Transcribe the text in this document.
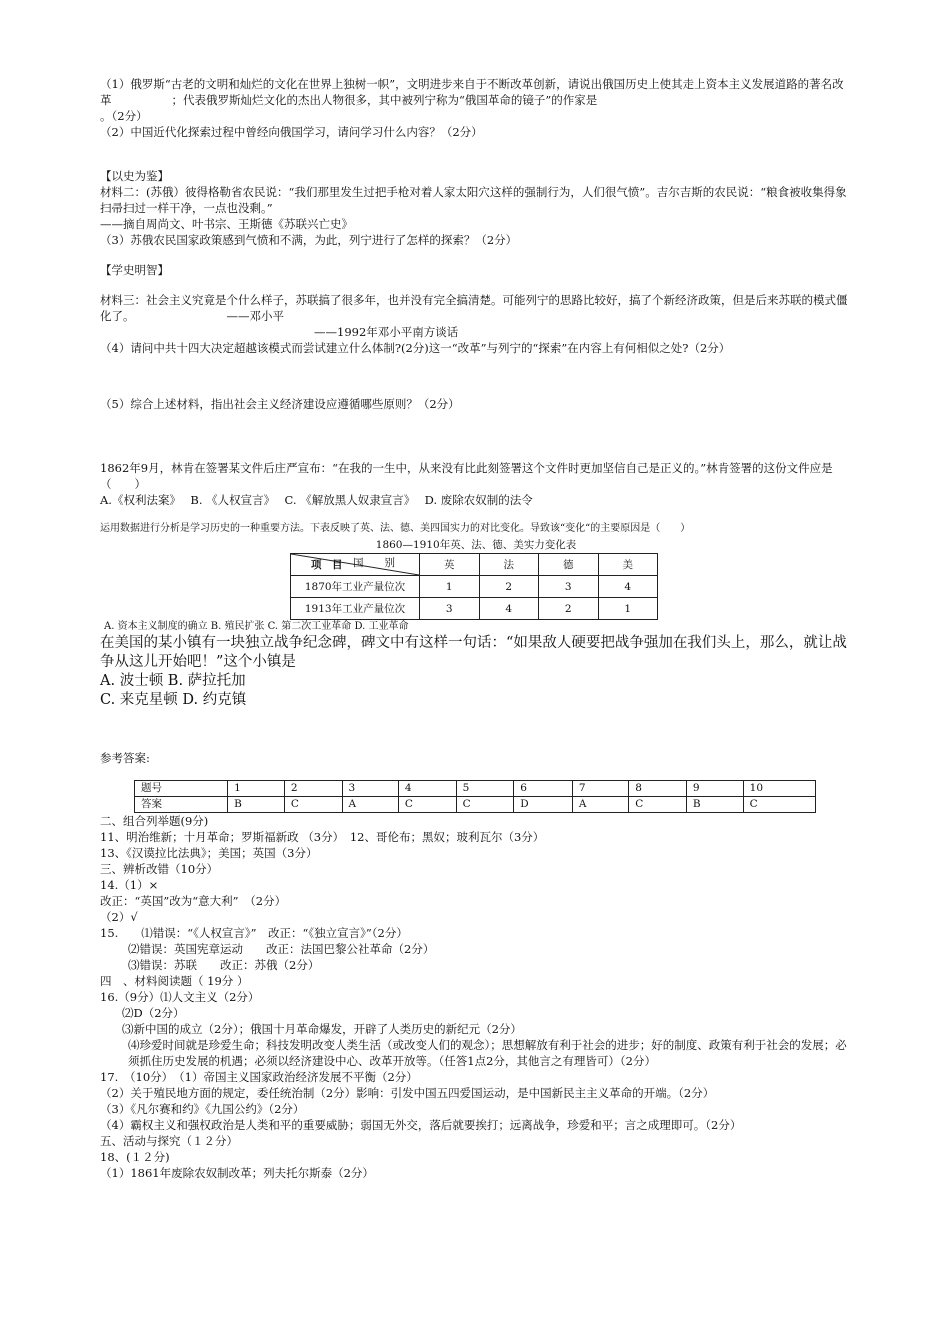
（1）俄罗斯“古老的文明和灿烂的文化在世界上独树一帜”，文明进步来自于不断改革创新，请说出俄国历史上使其走上资本主义发展道路的著名改革	；代表俄罗斯灿烂文化的杰出人物很多，其中被列宁称为“俄国革命的镜子”的作家是

。（2分）

（2）中国近代化探索过程中曾经向俄国学习，请问学习什么内容？（2分）

【以史为鉴】

材料二：(苏俄）彼得格勒省农民说：“我们那里发生过把手枪对着人家太阳穴这样的强制行为，人们很气愤”。吉尔吉斯的农民说：“粮食被收集得象扫帚扫过一样干净，一点也没剩。”

——摘自周尚文、叶书宗、王斯德《苏联兴亡史》

（3）苏俄农民国家政策感到气愤和不满，为此，列宁进行了怎样的探索？（2分）

【学史明智】

材料三：社会主义究竟是个什么样子，苏联搞了很多年，也并没有完全搞清楚。可能列宁的思路比较好，搞了个新经济政策，但是后来苏联的模式僵化了。	——邓小平

——1992年邓小平南方谈话

（4）请问中共十四大决定超越该模式而尝试建立什么体制?(2分)这一“改革”与列宁的“探索”在内容上有何相似之处?（2分）

（5）综合上述材料，指出社会主义经济建设应遵循哪些原则？（2分）

1862年9月，林肯在签署某文件后庄严宣布：“在我的一生中，从来没有比此刻签署这个文件时更加坚信自己是正义的。”林肯签署的这份文件应是（　　）

A.《权利法案》　 B. 《人权宣言》　 C. 《解放黑人奴隶宣言》　 D. 废除农奴制的法令

运用数据进行分析是学习历史的一种重要方法。下表反映了英、法、德、美四国实力的对比变化。导致该“变化“的主要原因是（　　）

1860—1910年英、法、德、美实力变化表

项　目 国　　别	英	法	德	美
1870年工业产量位次	1	2	3	4
1913年工业产量位次	3	4	2	1

A. 资本主义制度的确立 B. 殖民扩张 C. 第二次工业革命 D. 工业革命

在美国的某小镇有一块独立战争纪念碑，碑文中有这样一句话：“如果敌人硬要把战争强加在我们头上，那么，就让战争从这儿开始吧！”这个小镇是

A. 波士顿 B. 萨拉托加

C. 来克星顿 D. 约克镇

参考答案:

题号	1	2	3	4	5	6	7	8	9	10
答案	B	C	A	C	C	D	A	C	B	C

二、组合列举题(9分)

11、明治维新；十月革命；罗斯福新政 （3分）　12、哥伦布；黑奴；玻利瓦尔（3分）

13、《汉谟拉比法典》；美国；英国（3分）

三、辨析改错（10分）

14.（1）×

改正：“英国”改为“意大利”　（2分）

（2）√

15.　　⑴错误：“《人权宣言》”　改正：“《独立宣言》”（2分）

⑵错误：英国宪章运动　　改正：法国巴黎公社革命（2分）

⑶错误：苏联　　改正：苏俄（2分）

四　、材料阅读题（ 19分 ）

16.（9分）⑴人文主义（2分）

⑵D（2分）

⑶新中国的成立（2分）；俄国十月革命爆发，开辟了人类历史的新纪元（2分）

⑷珍爱时间就是珍爱生命；科技发明改变人类生活（或改变人们的观念）；思想解放有利于社会的进步；好的制度、政策有利于社会的发展；必须抓住历史发展的机遇；必须以经济建设中心、改革开放等。（任答1点2分，其他言之有理皆可）（2分）

17.　（10分）　（1）帝国主义国家政治经济发展不平衡（2分）

（2）关于殖民地方面的规定，委任统治制（2分）影响：引发中国五四爱国运动，是中国新民主主义革命的开端。（2分）

（3）《凡尔赛和约》《九国公约》（2分）

（4）霸权主义和强权政治是人类和平的重要威胁；弱国无外交，落后就要挨打；远离战争，珍爱和平；言之成理即可。（2分）

五、活动与探究（１２分）

18、(１２分)

（1）1861年废除农奴制改革；列夫托尔斯泰（2分）
